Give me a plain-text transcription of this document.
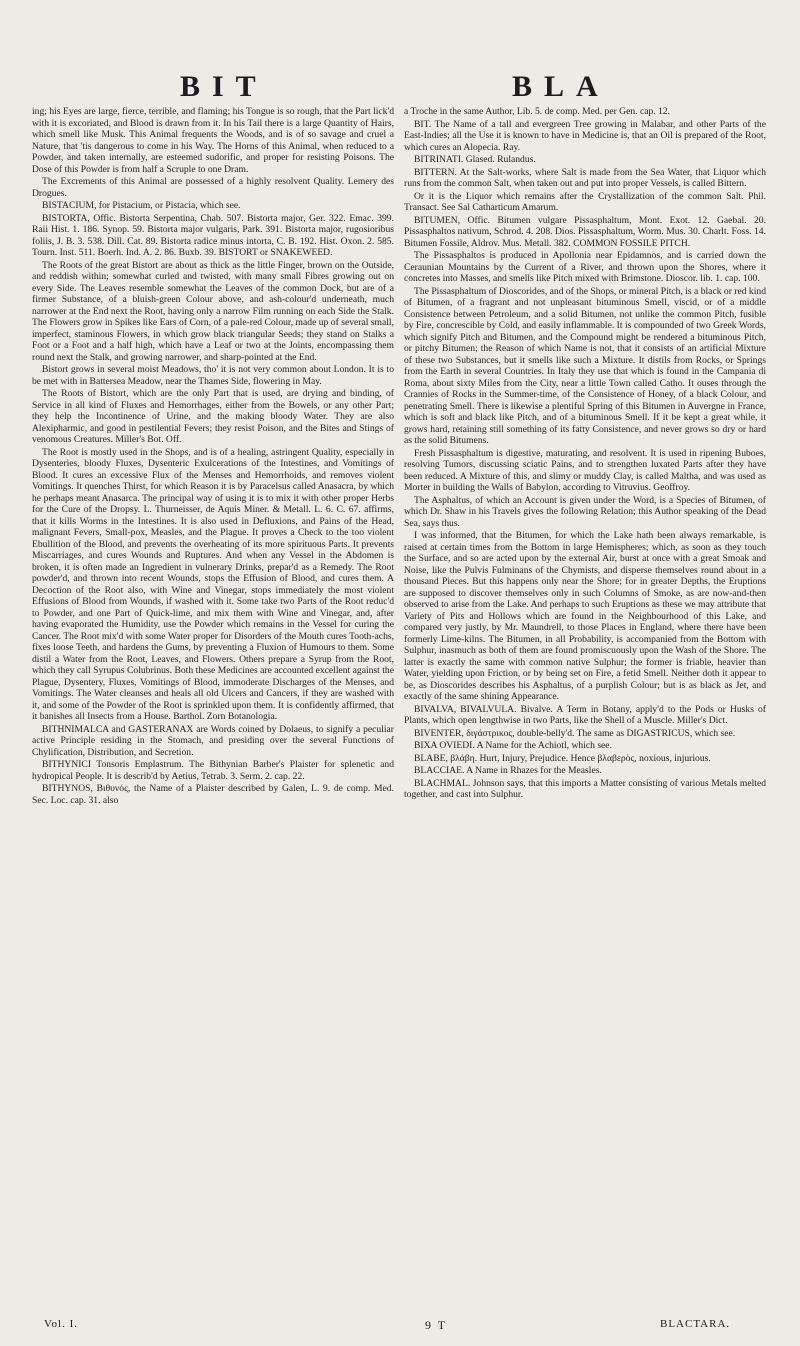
BIT	BLA

ing; his Eyes are large, fierce, terrible, and flaming; his Tongue is so rough, that the Part lick'd with it is excoriated, and Blood is drawn from it. In his Tail there is a large Quantity of Hairs, which smell like Musk. This Animal frequents the Woods, and is of so savage and cruel a Nature, that 'tis dangerous to come in his Way. The Horns of this Animal, when reduced to a Powder, and taken internally, are esteemed sudorific, and proper for resisting Poisons. The Dose of this Powder is from half a Scruple to one Dram.

The Excrements of this Animal are possessed of a highly resolvent Quality. Lemery des Drogues.

BISTACIUM, for Pistacium, or Pistacia, which see.

BISTORTA, Offic. Bistorta Serpentina, Chab. 507. Bistorta major, Ger. 322. Emac. 399. Raii Hist. 1. 186. Synop. 59. Bistorta major vulgaris, Park. 391. Bistorta major, rugosioribus foliis, J. B. 3. 538. Dill. Cat. 89. Bistorta radice minus intorta, C. B. 192. Hist. Oxon. 2. 585. Tourn. Inst. 511. Boerh. Ind. A. 2. 86. Buxb. 39. BISTORT or SNAKEWEED.

The Roots of the great Bistort are about as thick as the little Finger, brown on the Outside, and reddish within; somewhat curled and twisted, with many small Fibres growing out on every Side. The Leaves resemble somewhat the Leaves of the common Dock, but are of a firmer Substance, of a bluish-green Colour above, and ash-colour'd underneath, much narrower at the End next the Root, having only a narrow Film running on each Side the Stalk. The Flowers grow in Spikes like Ears of Corn, of a pale-red Colour, made up of several small, imperfect, staminous Flowers, in which grow black triangular Seeds; they stand on Stalks a Foot or a Foot and a half high, which have a Leaf or two at the Joints, encompassing them round next the Stalk, and growing narrower, and sharp-pointed at the End.

Bistort grows in several moist Meadows, tho' it is not very common about London. It is to be met with in Battersea Meadow, near the Thames Side, flowering in May.

The Roots of Bistort, which are the only Part that is used, are drying and binding, of Service in all kind of Fluxes and Hemorrhages, either from the Bowels, or any other Part; they help the Incontinence of Urine, and the making bloody Water. They are also Alexipharmic, and good in pestilential Fevers; they resist Poison, and the Bites and Stings of venomous Creatures. Miller's Bot. Off.

The Root is mostly used in the Shops, and is of a healing, astringent Quality, especially in Dysenteries, bloody Fluxes, Dysenteric Exulcerations of the Intestines, and Vomitings of Blood. It cures an excessive Flux of the Menses and Hemorrhoids, and removes violent Vomitings. It quenches Thirst, for which Reason it is by Paracelsus called Anasacra, by which he perhaps meant Anasarca. The principal way of using it is to mix it with other proper Herbs for the Cure of the Dropsy. L. Thurneisser, de Aquis Miner. & Metall. L. 6. C. 67. affirms, that it kills Worms in the Intestines. It is also used in Defluxions, and Pains of the Head, malignant Fevers, Small-pox, Measles, and the Plague. It proves a Check to the too violent Ebullition of the Blood, and prevents the overheating of its more spirituous Parts. It prevents Miscarriages, and cures Wounds and Ruptures. And when any Vessel in the Abdomen is broken, it is often made an Ingredient in vulnerary Drinks, prepar'd as a Remedy. The Root powder'd, and thrown into recent Wounds, stops the Effusion of Blood, and cures them. A Decoction of the Root also, with Wine and Vinegar, stops immediately the most violent Effusions of Blood from Wounds, if washed with it. Some take two Parts of the Root reduc'd to Powder, and one Part of Quick-lime, and mix them with Wine and Vinegar, and, after having evaporated the Humidity, use the Powder which remains in the Vessel for curing the Cancer. The Root mix'd with some Water proper for Disorders of the Mouth cures Tooth-achs, fixes loose Teeth, and hardens the Gums, by preventing a Fluxion of Humours to them. Some distil a Water from the Root, Leaves, and Flowers. Others prepare a Syrup from the Root, which they call Syrupus Colubrinus. Both these Medicines are accounted excellent against the Plague, Dysentery, Fluxes, Vomitings of Blood, immoderate Discharges of the Menses, and Vomitings. The Water cleanses and heals all old Ulcers and Cancers, if they are washed with it, and some of the Powder of the Root is sprinkled upon them. It is confidently affirmed, that it banishes all Insects from a House. Barthol. Zorn Botanologia.

BITHNIMALCA and GASTERANAX are Words coined by Dolaeus, to signify a peculiar active Principle residing in the Stomach, and presiding over the several Functions of Chylification, Distribution, and Secretion.

BITHYNICI Tonsoris Emplastrum. The Bithynian Barber's Plaister for splenetic and hydropical People. It is describ'd by Aetius, Tetrab. 3. Serm. 2. cap. 22.

BITHYNOS, Βιθυνός, the Name of a Plaister described by Galen, L. 9. de comp. Med. Sec. Loc. cap. 31. also

a Troche in the same Author, Lib. 5. de comp. Med. per Gen. cap. 12.

BIT. The Name of a tall and evergreen Tree growing in Malabar, and other Parts of the East-Indies; all the Use it is known to have in Medicine is, that an Oil is prepared of the Root, which cures an Alopecia. Ray.

BITRINATI. Glased. Rulandus.

BITTERN. At the Salt-works, where Salt is made from the Sea Water, that Liquor which runs from the common Salt, when taken out and put into proper Vessels, is called Bittern.

Or it is the Liquor which remains after the Crystallization of the common Salt. Phil. Transact. See Sal Catharticum Amarum.

BITUMEN, Offic. Bitumen vulgare Pissasphaltum, Mont. Exot. 12. Gaebal. 20. Pissasphaltos nativum, Schrod. 4. 208. Dios. Pissasphaltum, Worm. Mus. 30. Charlt. Foss. 14. Bitumen Fossile, Aldrov. Mus. Metall. 382. COMMON FOSSILE PITCH.

The Pissasphaltos is produced in Apollonia near Epidamnos, and is carried down the Ceraunian Mountains by the Current of a River, and thrown upon the Shores, where it concretes into Masses, and smells like Pitch mixed with Brimstone. Dioscor. lib. 1. cap. 100.

The Pissasphaltum of Dioscorides, and of the Shops, or mineral Pitch, is a black or red kind of Bitumen, of a fragrant and not unpleasant bituminous Smell, viscid, or of a middle Consistence between Petroleum, and a solid Bitumen, not unlike the common Pitch, fusible by Fire, concrescible by Cold, and easily inflammable. It is compounded of two Greek Words, which signify Pitch and Bitumen, and the Compound might be rendered a bituminous Pitch, or pitchy Bitumen; the Reason of which Name is not, that it consists of an artificial Mixture of these two Substances, but it smells like such a Mixture. It distils from Rocks, or Springs from the Earth in several Countries. In Italy they use that which is found in the Campania di Roma, about sixty Miles from the City, near a little Town called Catho. It ouses through the Crannies of Rocks in the Summer-time, of the Consistence of Honey, of a black Colour, and penetrating Smell. There is likewise a plentiful Spring of this Bitumen in Auvergne in France, which is soft and black like Pitch, and of a bituminous Smell. If it be kept a great while, it grows hard, retaining still something of its fatty Consistence, and never grows so dry or hard as the solid Bitumens.

Fresh Pissasphaltum is digestive, maturating, and resolvent. It is used in ripening Buboes, resolving Tumors, discussing sciatic Pains, and to strengthen luxated Parts after they have been reduced. A Mixture of this, and slimy or muddy Clay, is called Maltha, and was used as Morter in building the Walls of Babylon, according to Vitruvius. Geoffroy.

The Asphaltus, of which an Account is given under the Word, is a Species of Bitumen, of which Dr. Shaw in his Travels gives the following Relation; this Author speaking of the Dead Sea, says thus.

I was informed, that the Bitumen, for which the Lake hath been always remarkable, is raised at certain times from the Bottom in large Hemispheres; which, as soon as they touch the Surface, and so are acted upon by the external Air, burst at once with a great Smoak and Noise, like the Pulvis Fulminans of the Chymists, and disperse themselves round about in a thousand Pieces. But this happens only near the Shore; for in greater Depths, the Eruptions are supposed to discover themselves only in such Columns of Smoke, as are now-and-then observed to arise from the Lake. And perhaps to such Eruptions as these we may attribute that Variety of Pits and Hollows which are found in the Neighbourhood of this Lake, and compared very justly, by Mr. Maundrell, to those Places in England, where there have been formerly Lime-kilns. The Bitumen, in all Probability, is accompanied from the Bottom with Sulphur, inasmuch as both of them are found promiscuously upon the Wash of the Shore. The latter is exactly the same with common native Sulphur; the former is friable, heavier than Water, yielding upon Friction, or by being set on Fire, a fetid Smell. Neither doth it appear to be, as Dioscorides describes his Asphaltus, of a purplish Colour; but is as black as Jet, and exactly of the same shining Appearance.

BIVALVA, BIVALVULA. Bivalve. A Term in Botany, apply'd to the Pods or Husks of Plants, which open lengthwise in two Parts, like the Shell of a Muscle. Miller's Dict.

BIVENTER, διγάστρικος, double-belly'd. The same as DIGASTRICUS, which see.

BIXA OVIEDI. A Name for the Achiotl, which see.

BLABE, βλάβη. Hurt, Injury, Prejudice. Hence βλαβερὸς, noxious, injurious.

BLACCIAE. A Name in Rhazes for the Measles.

BLACHMAL. Johnson says, that this imports a Matter consisting of various Metals melted together, and cast into Sulphur.

Vol. I.	9 T	BLACTARA.
